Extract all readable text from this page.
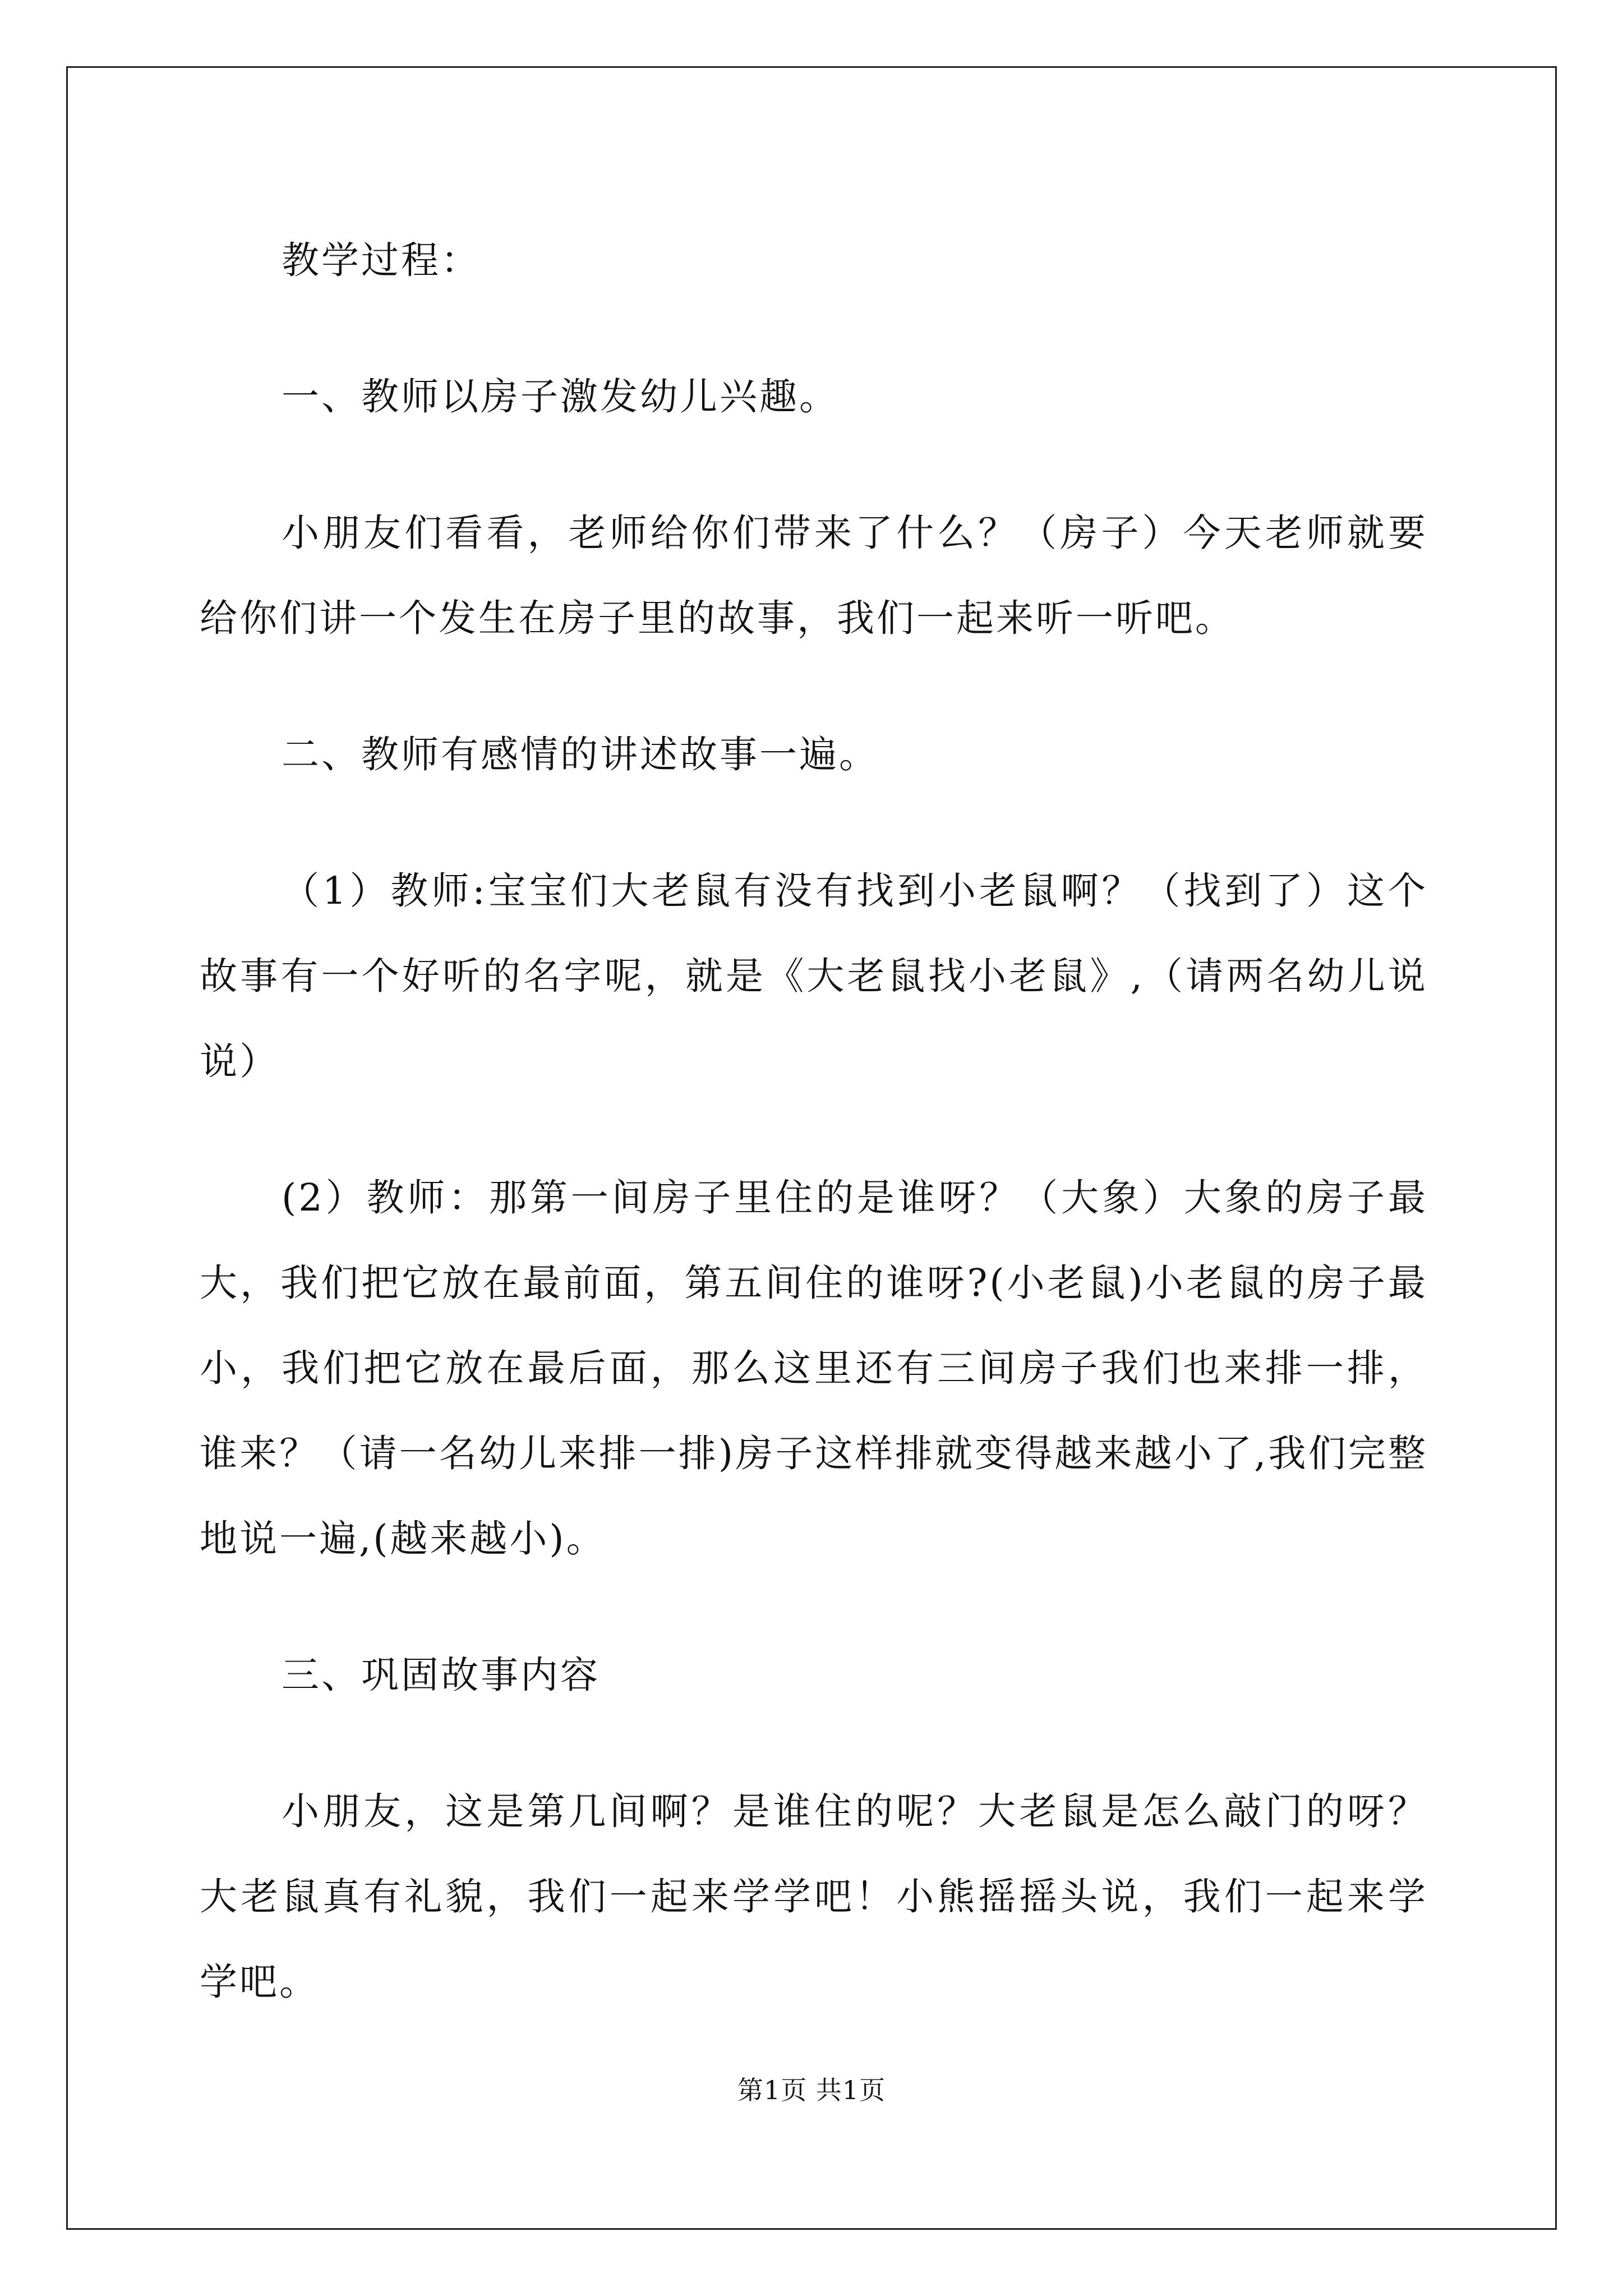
教学过程：

一、教师以房子激发幼儿兴趣。

小朋友们看看，老师给你们带来了什么？（房子）今天老师就要给你们讲一个发生在房子里的故事，我们一起来听一听吧。

二、教师有感情的讲述故事一遍。

（1）教师:宝宝们大老鼠有没有找到小老鼠啊？（找到了）这个故事有一个好听的名字呢，就是《大老鼠找小老鼠》,（请两名幼儿说说）

(2）教师：那第一间房子里住的是谁呀？（大象）大象的房子最大，我们把它放在最前面，第五间住的谁呀?(小老鼠)小老鼠的房子最小，我们把它放在最后面，那么这里还有三间房子我们也来排一排，谁来？（请一名幼儿来排一排)房子这样排就变得越来越小了,我们完整地说一遍,(越来越小)。

三、巩固故事内容

小朋友，这是第几间啊？是谁住的呢？大老鼠是怎么敲门的呀？大老鼠真有礼貌，我们一起来学学吧！小熊摇摇头说，我们一起来学学吧。

第1页 共1页
